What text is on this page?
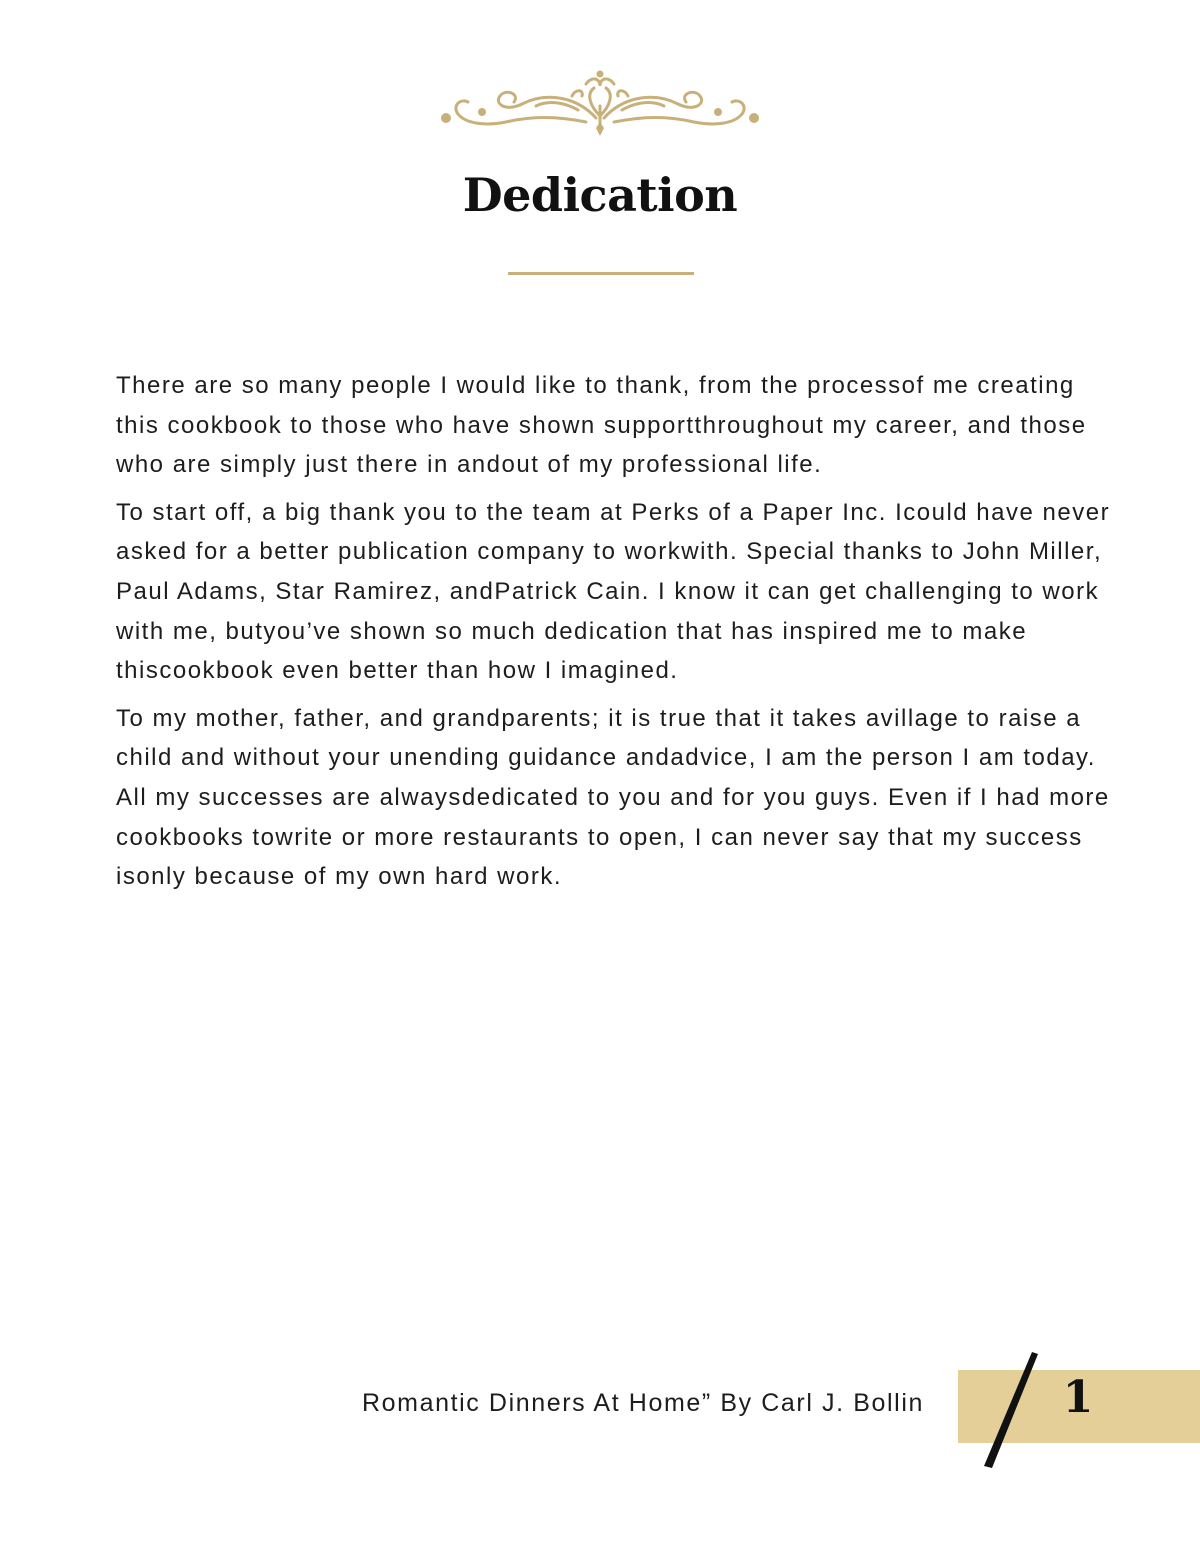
Dedication

There are so many people I would like to thank, from the processof me creating this cookbook to those who have shown supportthroughout my career, and those who are simply just there in andout of my professional life.

To start off, a big thank you to the team at Perks of a Paper Inc. Icould have never asked for a better publication company to workwith. Special thanks to John Miller, Paul Adams, Star Ramirez, andPatrick Cain. I know it can get challenging to work with me, butyou’ve shown so much dedication that has inspired me to make thiscookbook even better than how I imagined.

To my mother, father, and grandparents; it is true that it takes avillage to raise a child and without your unending guidance andadvice, I am the person I am today. All my successes are alwaysdedicated to you and for you guys. Even if I had more cookbooks towrite or more restaurants to open, I can never say that my success isonly because of my own hard work.

Romantic Dinners At Home” By Carl J. Bollin	1
